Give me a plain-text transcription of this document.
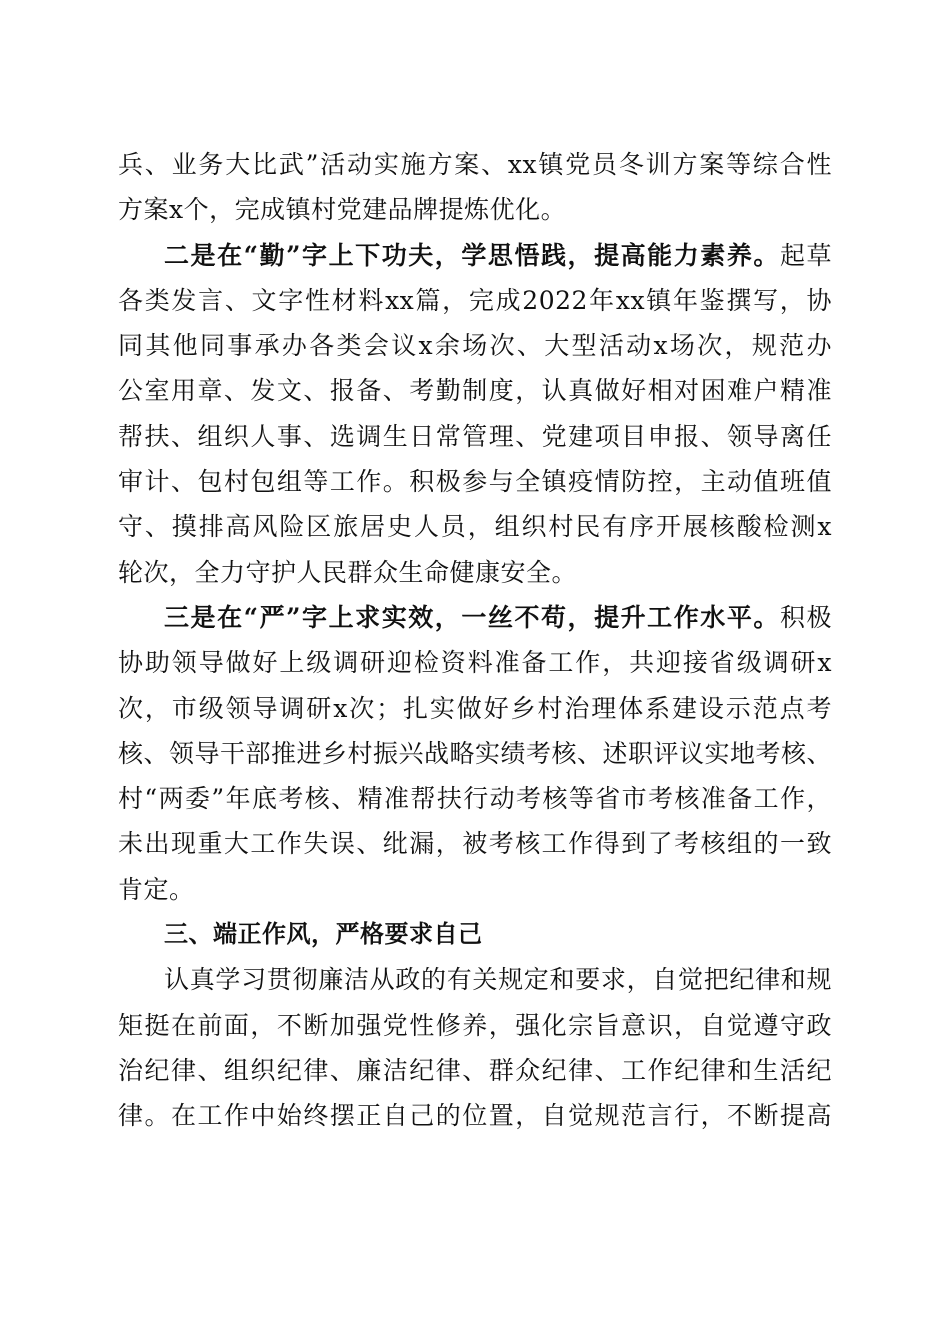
兵、业务大比武”活动实施方案、xx镇党员冬训方案等综合性
方案x个，完成镇村党建品牌提炼优化。
二是在“勤”字上下功夫，学思悟践，提高能力素养。起草
各类发言、文字性材料xx篇，完成2022年xx镇年鉴撰写，协
同其他同事承办各类会议x余场次、大型活动x场次，规范办
公室用章、发文、报备、考勤制度，认真做好相对困难户精准
帮扶、组织人事、选调生日常管理、党建项目申报、领导离任
审计、包村包组等工作。积极参与全镇疫情防控，主动值班值
守、摸排高风险区旅居史人员，组织村民有序开展核酸检测x
轮次，全力守护人民群众生命健康安全。
三是在“严”字上求实效，一丝不苟，提升工作水平。积极
协助领导做好上级调研迎检资料准备工作，共迎接省级调研x
次，市级领导调研x次；扎实做好乡村治理体系建设示范点考
核、领导干部推进乡村振兴战略实绩考核、述职评议实地考核、
村“两委”年底考核、精准帮扶行动考核等省市考核准备工作，
未出现重大工作失误、纰漏，被考核工作得到了考核组的一致
肯定。
三、端正作风，严格要求自己
认真学习贯彻廉洁从政的有关规定和要求，自觉把纪律和规
矩挺在前面，不断加强党性修养，强化宗旨意识，自觉遵守政
治纪律、组织纪律、廉洁纪律、群众纪律、工作纪律和生活纪
律。在工作中始终摆正自己的位置，自觉规范言行，不断提高
